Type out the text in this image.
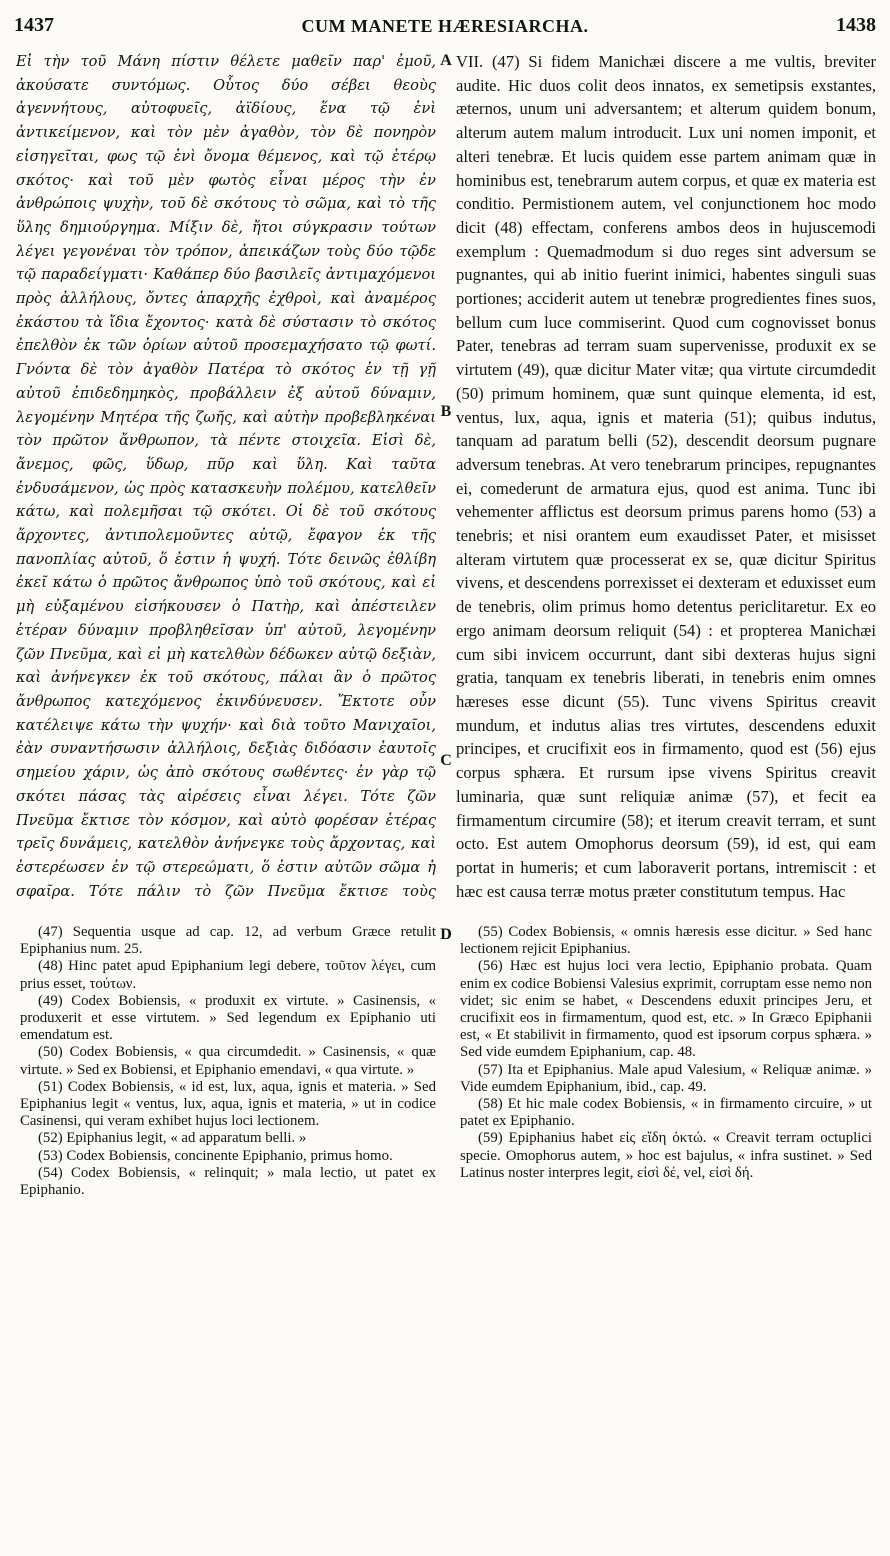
1437	CUM MANETE HÆRESIARCHA.	1438

Εἰ τὴν τοῦ Μάνη πίστιν θέλετε μαθεῖν παρ' ἐμοῦ, ἀκούσατε συντόμως. Οὗτος δύο σέβει θεοὺς ἀγεννήτους, αὐτοφυεῖς, ἀϊδίους, ἕνα τῷ ἑνὶ ἀντικείμενον, καὶ τὸν μὲν ἀγαθὸν, τὸν δὲ πονηρὸν εἰσηγεῖται, φως τῷ ἑνὶ ὄνομα θέμενος, καὶ τῷ ἑτέρῳ σκότος· καὶ τοῦ μὲν φωτὸς εἶναι μέρος τὴν ἐν ἀνθρώποις ψυχὴν, τοῦ δὲ σκότους τὸ σῶμα, καὶ τὸ τῆς ὕλης δημιούργημα. Μίξιν δὲ, ἤτοι σύγκρασιν τούτων λέγει γεγονέναι τὸν τρόπον, ἀπεικάζων τοὺς δύο τῷδε τῷ παραδείγματι· Καθάπερ δύο βασιλεῖς ἀντιμαχόμενοι πρὸς ἀλλήλους, ὄντες ἀπαρχῆς ἐχθροὶ, καὶ ἀναμέρος ἑκάστου τὰ ἴδια ἔχοντος· κατὰ δὲ σύστασιν τὸ σκότος ἐπελθὸν ἐκ τῶν ὁρίων αὐτοῦ προσεμαχήσατο τῷ φωτί. Γνόντα δὲ τὸν ἀγαθὸν Πατέρα τὸ σκότος ἐν τῇ γῇ αὐτοῦ ἐπιδεδημηκὸς, προβάλλειν ἐξ αὐτοῦ δύναμιν, λεγομένην Μητέρα τῆς ζωῆς, καὶ αὐτὴν προβεβληκέναι τὸν πρῶτον ἄνθρωπον, τὰ πέντε στοιχεῖα. Εἰσὶ δὲ, ἄνεμος, φῶς, ὕδωρ, πῦρ καὶ ὕλη. Καὶ ταῦτα ἐνδυσάμενον, ὡς πρὸς κατασκευὴν πολέμου, κατελθεῖν κάτω, καὶ πολεμῆσαι τῷ σκότει. Οἱ δὲ τοῦ σκότους ἄρχοντες, ἀντιπολεμοῦντες αὐτῷ, ἔφαγον ἐκ τῆς πανοπλίας αὐτοῦ, ὅ ἐστιν ἡ ψυχή. Τότε δεινῶς ἐθλίβη ἐκεῖ κάτω ὁ πρῶτος ἄνθρωπος ὑπὸ τοῦ σκότους, καὶ εἰ μὴ εὐξαμένου εἰσήκουσεν ὁ Πατὴρ, καὶ ἀπέστειλεν ἑτέραν δύναμιν προβληθεῖσαν ὑπ' αὐτοῦ, λεγομένην ζῶν Πνεῦμα, καὶ εἰ μὴ κατελθὼν δέδωκεν αὐτῷ δεξιὰν, καὶ ἀνήνεγκεν ἐκ τοῦ σκότους, πάλαι ἂν ὁ πρῶτος ἄνθρωπος κατεχόμενος ἐκινδύνευσεν. Ἔκτοτε οὖν κατέλειψε κάτω τὴν ψυχήν· καὶ διὰ τοῦτο Μανιχαῖοι, ἐὰν συναντήσωσιν ἀλλήλοις, δεξιὰς διδόασιν ἑαυτοῖς σημείου χάριν, ὡς ἀπὸ σκότους σωθέντες· ἐν γὰρ τῷ σκότει πάσας τὰς αἱρέσεις εἶναι λέγει. Τότε ζῶν Πνεῦμα ἔκτισε τὸν κόσμον, καὶ αὐτὸ φορέσαν ἑτέρας τρεῖς δυνάμεις, κατελθὸν ἀνήνεγκε τοὺς ἄρχοντας, καὶ ἐστερέωσεν ἐν τῷ στερεώματι, ὅ ἐστιν αὐτῶν σῶμα ἡ σφαῖρα. Τότε πάλιν τὸ ζῶν Πνεῦμα ἔκτισε τοὺς

A
B
C
D

VII. (47) Si fidem Manichæi discere a me vultis, breviter audite. Hic duos colit deos innatos, ex semetipsis exstantes, æternos, unum uni adversantem; et alterum quidem bonum, alterum autem malum introducit. Lux uni nomen imponit, et alteri tenebræ. Et lucis quidem esse partem animam quæ in hominibus est, tenebrarum autem corpus, et quæ ex materia est conditio. Permistionem autem, vel conjunctionem hoc modo dicit (48) effectam, conferens ambos deos in hujuscemodi exemplum : Quemadmodum si duo reges sint adversum se pugnantes, qui ab initio fuerint inimici, habentes singuli suas portiones; acciderit autem ut tenebræ progredientes fines suos, bellum cum luce commiserint. Quod cum cognovisset bonus Pater, tenebras ad terram suam supervenisse, produxit ex se virtutem (49), quæ dicitur Mater vitæ; qua virtute circumdedit (50) primum hominem, quæ sunt quinque elementa, id est, ventus, lux, aqua, ignis et materia (51); quibus indutus, tanquam ad paratum belli (52), descendit deorsum pugnare adversum tenebras. At vero tenebrarum principes, repugnantes ei, comederunt de armatura ejus, quod est anima. Tunc ibi vehementer afflictus est deorsum primus parens homo (53) a tenebris; et nisi orantem eum exaudisset Pater, et misisset alteram virtutem quæ processerat ex se, quæ dicitur Spiritus vivens, et descendens porrexisset ei dexteram et eduxisset eum de tenebris, olim primus homo detentus periclitaretur. Ex eo ergo animam deorsum reliquit (54) : et propterea Manichæi cum sibi invicem occurrunt, dant sibi dexteras hujus signi gratia, tanquam ex tenebris liberati, in tenebris enim omnes hæreses esse dicunt (55). Tunc vivens Spiritus creavit mundum, et indutus alias tres virtutes, descendens eduxit principes, et crucifixit eos in firmamento, quod est (56) ejus corpus sphæra. Et rursum ipse vivens Spiritus creavit luminaria, quæ sunt reliquiæ animæ (57), et fecit ea firmamentum circumire (58); et iterum creavit terram, et sunt octo. Est autem Omophorus deorsum (59), id est, qui eam portat in humeris; et cum laboraverit portans, intremiscit : et hæc est causa terræ motus præter constitutum tempus. Hac

(47) Sequentia usque ad cap. 12, ad verbum Græce retulit Epiphanius num. 25.

(48) Hinc patet apud Epiphanium legi debere, τοῦτον λέγει, cum prius esset, τούτων.

(49) Codex Bobiensis, « produxit ex virtute. » Casinensis, « produxerit et esse virtutem. » Sed legendum ex Epiphanio uti emendatum est.

(50) Codex Bobiensis, « qua circumdedit. » Casinensis, « quæ virtute. » Sed ex Bobiensi, et Epiphanio emendavi, « qua virtute. »

(51) Codex Bobiensis, « id est, lux, aqua, ignis et materia. » Sed Epiphanius legit « ventus, lux, aqua, ignis et materia, » ut in codice Casinensi, qui veram exhibet hujus loci lectionem.

(52) Epiphanius legit, « ad apparatum belli. »

(53) Codex Bobiensis, concinente Epiphanio, primus homo.

(54) Codex Bobiensis, « relinquit; » mala lectio, ut patet ex Epiphanio.

(55) Codex Bobiensis, « omnis hæresis esse dicitur. » Sed hanc lectionem rejicit Epiphanius.

(56) Hæc est hujus loci vera lectio, Epiphanio probata. Quam enim ex codice Bobiensi Valesius exprimit, corruptam esse nemo non videt; sic enim se habet, « Descendens eduxit principes Jeru, et crucifixit eos in firmamentum, quod est, etc. » In Græco Epiphanii est, « Et stabilivit in firmamento, quod est ipsorum corpus sphæra. » Sed vide eumdem Epiphanium, cap. 48.

(57) Ita et Epiphanius. Male apud Valesium, « Reliquæ animæ. » Vide eumdem Epiphanium, ibid., cap. 49.

(58) Et hic male codex Bobiensis, « in firmamento circuire, » ut patet ex Epiphanio.

(59) Epiphanius habet εἰς εἴδη ὀκτώ. « Creavit terram octuplici specie. Omophorus autem, » hoc est bajulus, « infra sustinet. » Sed Latinus noster interpres legit, εἰσὶ δέ, vel, εἰσὶ δή.
